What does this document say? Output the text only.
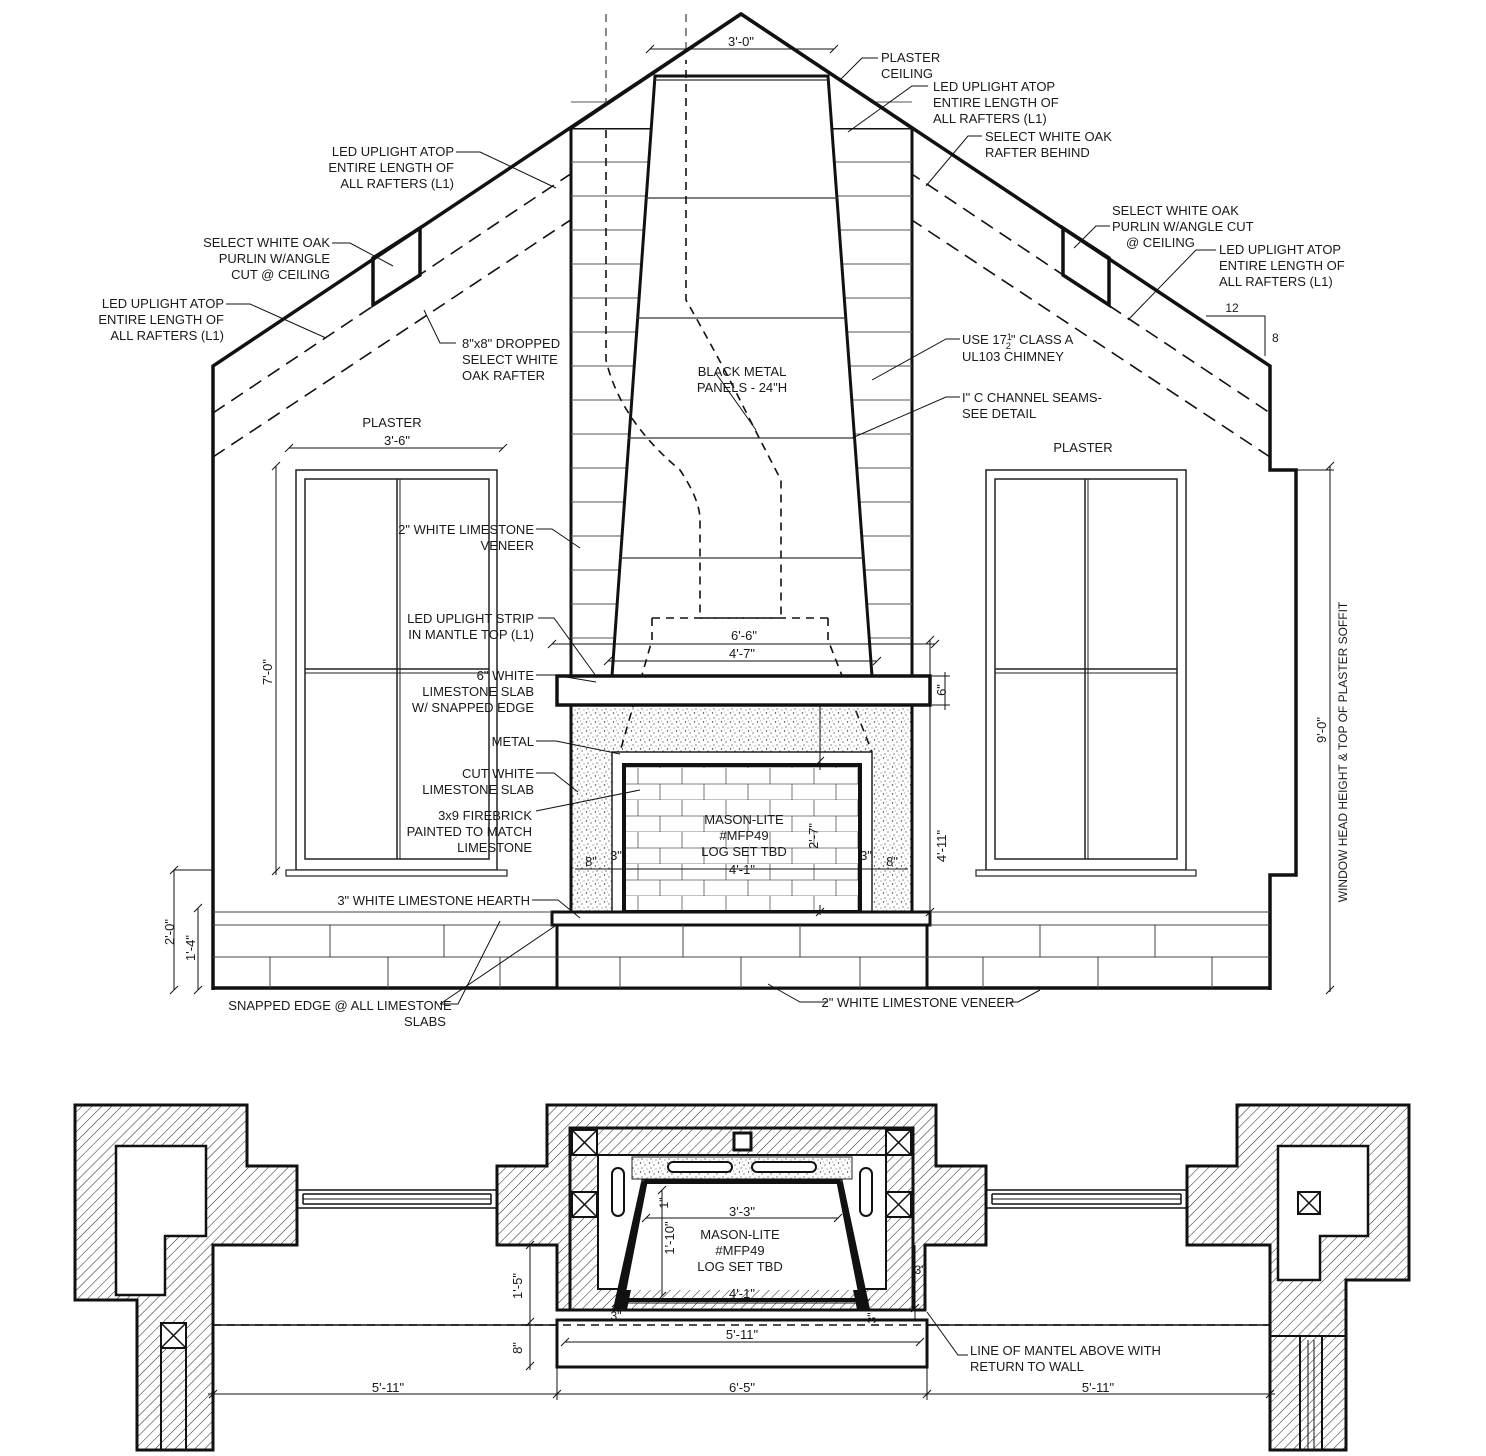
3'-0"
3'-6"
7'-0"
6'-6"
4'-7"
6"
2'-7"
4'-1"
8" 3"	3" 8"	4'-11"
9'-0"
2'-0"
1'-4"
12
8
PLASTER CEILING
LED UPLIGHT ATOP ENTIRE LENGTH OF ALL RAFTERS (L1)
SELECT WHITE OAK RAFTER BEHIND
LED UPLIGHT ATOP ENTIRE LENGTH OF ALL RAFTERS (L1)
SELECT WHITE OAK PURLIN W/ANGLE CUT @ CEILING
SELECT WHITE OAK PURLIN W/ANGLE CUT @ CEILING	LED UPLIGHT ATOP ENTIRE LENGTH OF ALL RAFTERS (L1)
LED UPLIGHT ATOP ENTIRE LENGTH OF ALL RAFTERS (L1)
8"x8" DROPPED SELECT WHITE OAK RAFTER
USE $17^1$ 2" CLASS A UL103 CHIMNEY
I" C CHANNEL SEAMS-SEE DETAIL
BLACK METAL PANELS - 24"H
PLASTER
PLASTER
2" WHITE LIMESTONE VENEER
LED UPLIGHT STRIP IN MANTLE TOP (L1)
6" WHITE LIMESTONE SLAB W/ SNAPPED EDGE
METAL
CUT WHITE LIMESTONE SLAB
3x9 FIREBRICK PAINTED TO MATCH LIMESTONE
MASON-LITE #MFP49 LOG SET TBD
3" WHITE LIMESTONE HEARTH
SNAPPED EDGE @ ALL LIMESTONE SLABS
2" WHITE LIMESTONE VENEER
WINDOW HEAD HEIGHT & TOP OF PLASTER SOFFIT
3'-3"
1"
1'-10" MASON-LITE #MFP49 LOG SET TBD
4'-1"
3"	3"
3"
5'-11"
1'-5"
8"
5'-11"	6'-5"	5'-11"
LINE OF MANTEL ABOVE WITH RETURN TO WALL
